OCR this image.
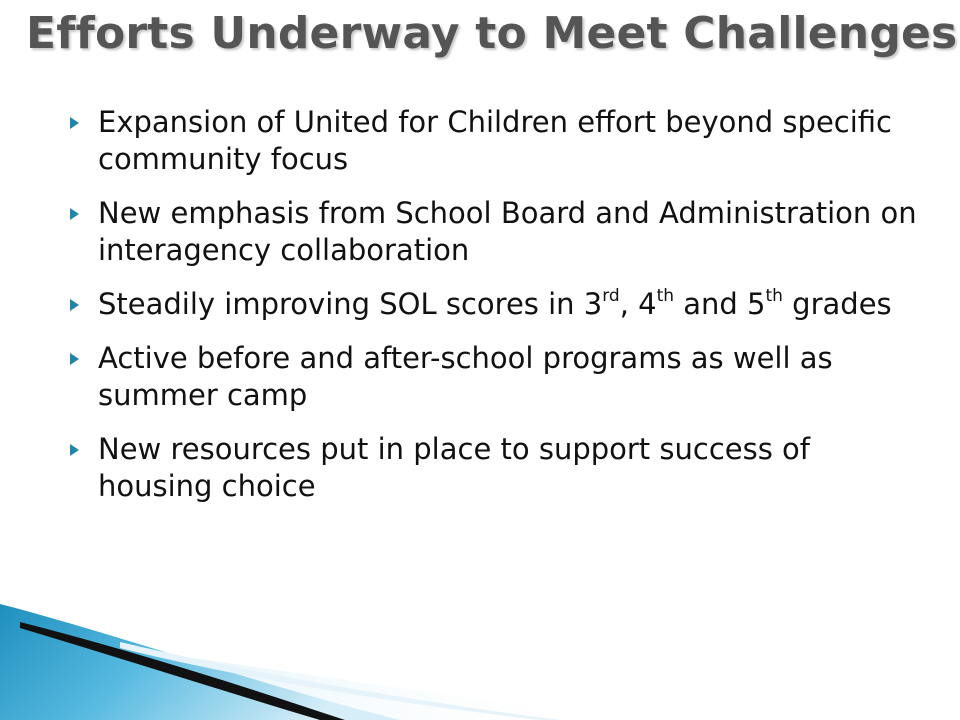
Efforts Underway to Meet Challenges
Expansion of United for Children effort beyond specific community focus
New emphasis from School Board and Administration on interagency collaboration
Steadily improving SOL scores in 3rd, 4th and 5th grades
Active before and after-school programs as well as summer camp
New resources put in place to support success of housing choice
